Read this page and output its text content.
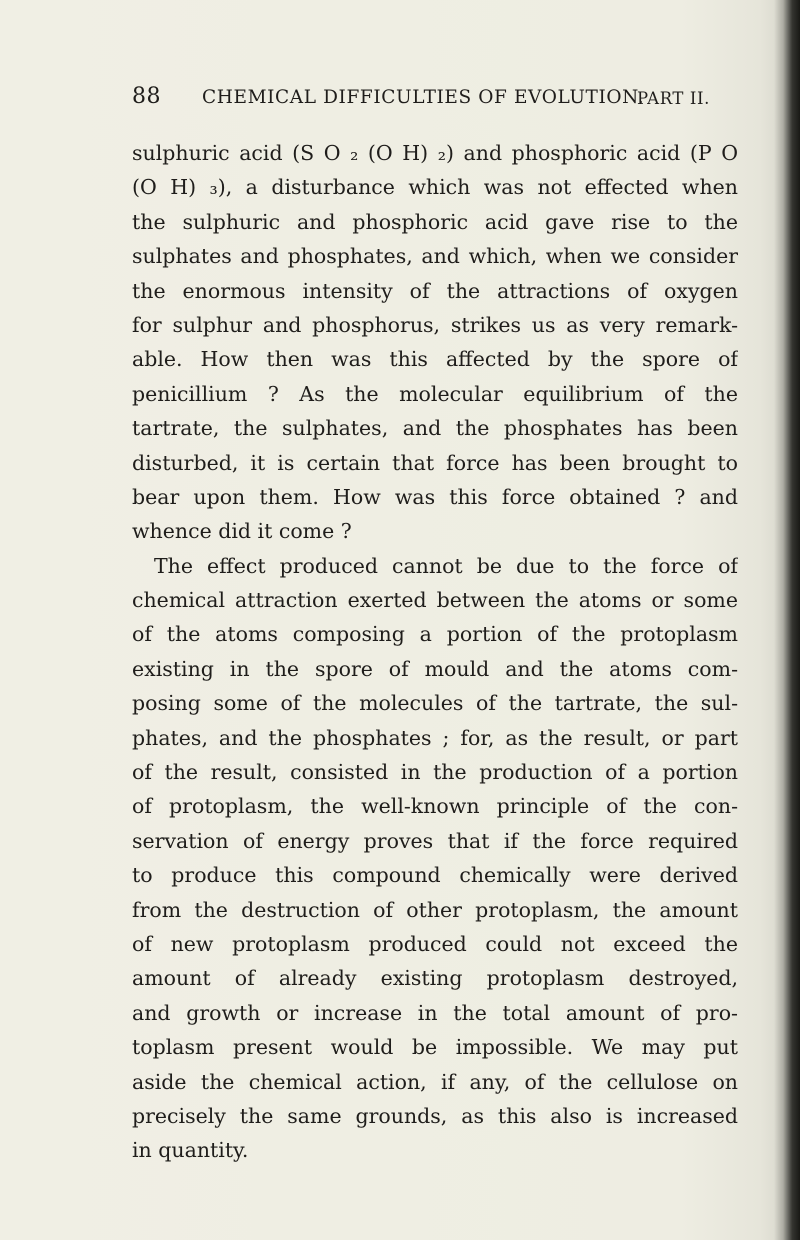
88 CHEMICAL DIFFICULTIES OF EVOLUTION.
PART II.
sulphuric acid (S O ₂ (O H) ₂) and phosphoric acid (P O
(O H) ₃), a disturbance which was not effected when
the sulphuric and phosphoric acid gave rise to the
sulphates and phosphates, and which, when we consider
the enormous intensity of the attractions of oxygen
for sulphur and phosphorus, strikes us as very remark-
able. How then was this affected by the spore of
penicillium ? As the molecular equilibrium of the
tartrate, the sulphates, and the phosphates has been
disturbed, it is certain that force has been brought to
bear upon them. How was this force obtained ? and
whence did it come ?
The effect produced cannot be due to the force of
chemical attraction exerted between the atoms or some
of the atoms composing a portion of the protoplasm
existing in the spore of mould and the atoms com-
posing some of the molecules of the tartrate, the sul-
phates, and the phosphates ; for, as the result, or part
of the result, consisted in the production of a portion
of protoplasm, the well-known principle of the con-
servation of energy proves that if the force required
to produce this compound chemically were derived
from the destruction of other protoplasm, the amount
of new protoplasm produced could not exceed the
amount of already existing protoplasm destroyed,
and growth or increase in the total amount of pro-
toplasm present would be impossible. We may put
aside the chemical action, if any, of the cellulose on
precisely the same grounds, as this also is increased
in quantity.
